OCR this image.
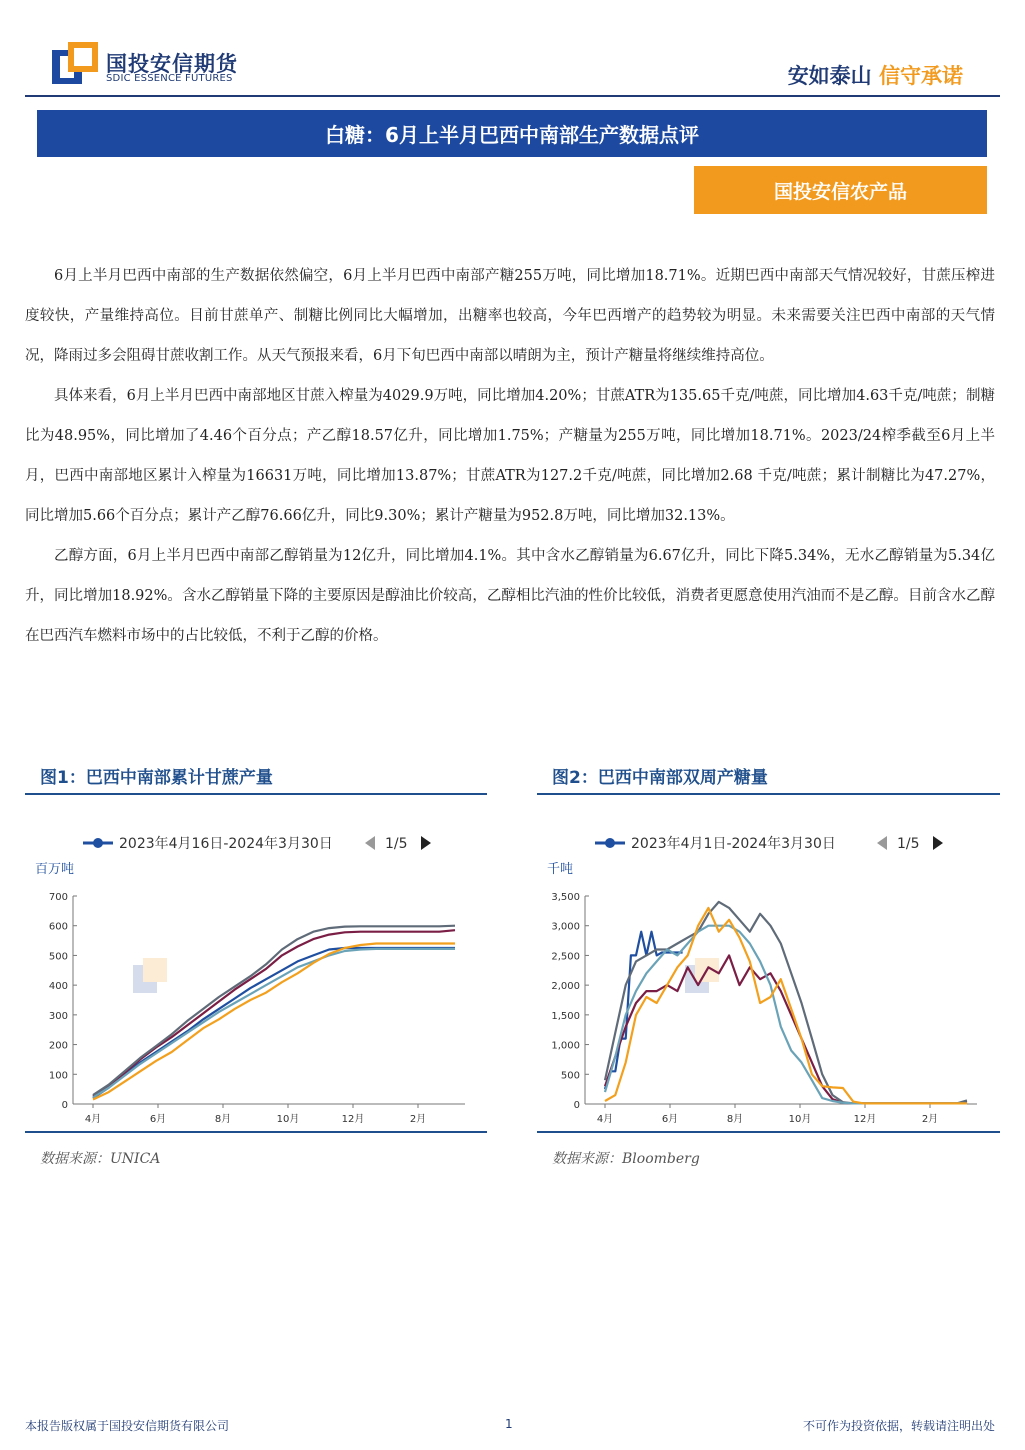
国投安信期货
SDIC ESSENCE FUTURES	安如泰山 信守承诺
白糖：6月上半月巴西中南部生产数据点评
国投安信农产品

6月上半月巴西中南部的生产数据依然偏空，6月上半月巴西中南部产糖255万吨，同比增加18.71%。近期巴西中南部天气情况较好，甘蔗压榨进度较快，产量维持高位。目前甘蔗单产、制糖比例同比大幅增加，出糖率也较高，今年巴西增产的趋势较为明显。未来需要关注巴西中南部的天气情况，降雨过多会阻碍甘蔗收割工作。从天气预报来看，6月下旬巴西中南部以晴朗为主，预计产糖量将继续维持高位。

具体来看，6月上半月巴西中南部地区甘蔗入榨量为4029.9万吨，同比增加4.20%；甘蔗ATR为135.65千克/吨蔗，同比增加4.63千克/吨蔗；制糖比为48.95%，同比增加了4.46个百分点；产乙醇18.57亿升，同比增加1.75%；产糖量为255万吨，同比增加18.71%。2023/24榨季截至6月上半月，巴西中南部地区累计入榨量为16631万吨，同比增加13.87%；甘蔗ATR为127.2千克/吨蔗，同比增加2.68 千克/吨蔗；累计制糖比为47.27%，同比增加5.66个百分点；累计产乙醇76.66亿升，同比9.30%；累计产糖量为952.8万吨，同比增加32.13%。

乙醇方面，6月上半月巴西中南部乙醇销量为12亿升，同比增加4.1%。其中含水乙醇销量为6.67亿升，同比下降5.34%，无水乙醇销量为5.34亿升，同比增加18.92%。含水乙醇销量下降的主要原因是醇油比价较高，乙醇相比汽油的性价比较低，消费者更愿意使用汽油而不是乙醇。目前含水乙醇在巴西汽车燃料市场中的占比较低，不利于乙醇的价格。

图1：巴西中南部累计甘蔗产量
2023年4月16日-2024年3月30日	1/5
百万吨
0
100
200
300
400
500
600
700
4月	6月	8月	10月	12月	2月
数据来源：UNICA
图2：巴西中南部双周产糖量
2023年4月1日-2024年3月30日	1/5
千吨
0
500
1,000
1,500
2,000
2,500
3,000
3,500
4月	6月	8月	10月	12月	2月
数据来源：Bloomberg
本报告版权属于国投安信期货有限公司	1	不可作为投资依据，转载请注明出处
